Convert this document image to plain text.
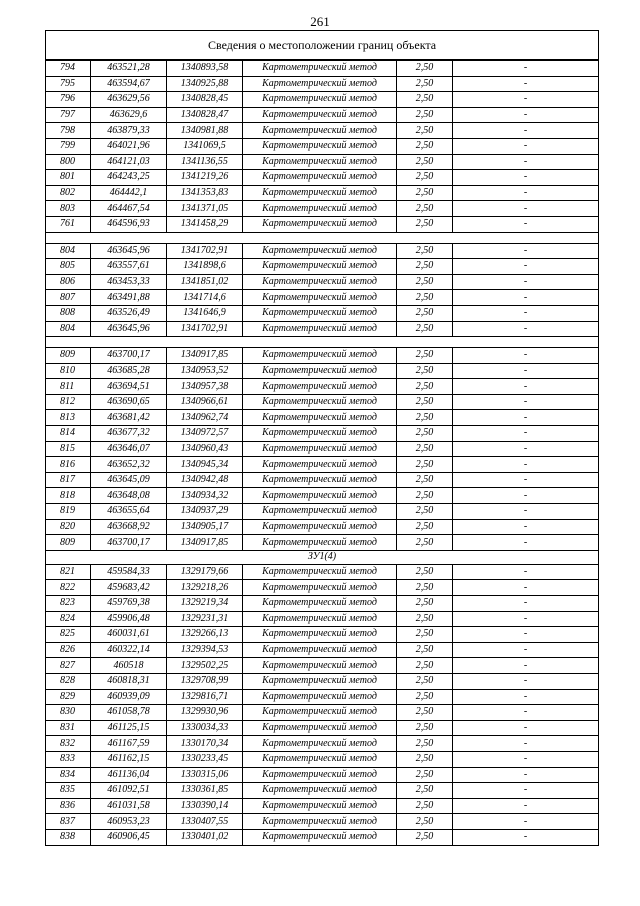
261
Сведения о местоположении границ объекта					
794	463521,28	1340893,58	Картометрический метод	2,50	-
795	463594,67	1340925,88	Картометрический метод	2,50	-
796	463629,56	1340828,45	Картометрический метод	2,50	-
797	463629,6	1340828,47	Картометрический метод	2,50	-
798	463879,33	1340981,88	Картометрический метод	2,50	-
799	464021,96	1341069,5	Картометрический метод	2,50	-
800	464121,03	1341136,55	Картометрический метод	2,50	-
801	464243,25	1341219,26	Картометрический метод	2,50	-
802	464442,1	1341353,83	Картометрический метод	2,50	-
803	464467,54	1341371,05	Картометрический метод	2,50	-
761	464596,93	1341458,29	Картометрический метод	2,50	-

804	463645,96	1341702,91	Картометрический метод	2,50	-
805	463557,61	1341898,6	Картометрический метод	2,50	-
806	463453,33	1341851,02	Картометрический метод	2,50	-
807	463491,88	1341714,6	Картометрический метод	2,50	-
808	463526,49	1341646,9	Картометрический метод	2,50	-
804	463645,96	1341702,91	Картометрический метод	2,50	-

809	463700,17	1340917,85	Картометрический метод	2,50	-
810	463685,28	1340953,52	Картометрический метод	2,50	-
811	463694,51	1340957,38	Картометрический метод	2,50	-
812	463690,65	1340966,61	Картометрический метод	2,50	-
813	463681,42	1340962,74	Картометрический метод	2,50	-
814	463677,32	1340972,57	Картометрический метод	2,50	-
815	463646,07	1340960,43	Картометрический метод	2,50	-
816	463652,32	1340945,34	Картометрический метод	2,50	-
817	463645,09	1340942,48	Картометрический метод	2,50	-
818	463648,08	1340934,32	Картометрический метод	2,50	-
819	463655,64	1340937,29	Картометрический метод	2,50	-
820	463668,92	1340905,17	Картометрический метод	2,50	-
809	463700,17	1340917,85	Картометрический метод	2,50	-
ЗУ1(4)					
821	459584,33	1329179,66	Картометрический метод	2,50	-
822	459683,42	1329218,26	Картометрический метод	2,50	-
823	459769,38	1329219,34	Картометрический метод	2,50	-
824	459906,48	1329231,31	Картометрический метод	2,50	-
825	460031,61	1329266,13	Картометрический метод	2,50	-
826	460322,14	1329394,53	Картометрический метод	2,50	-
827	460518	1329502,25	Картометрический метод	2,50	-
828	460818,31	1329708,99	Картометрический метод	2,50	-
829	460939,09	1329816,71	Картометрический метод	2,50	-
830	461058,78	1329930,96	Картометрический метод	2,50	-
831	461125,15	1330034,33	Картометрический метод	2,50	-
832	461167,59	1330170,34	Картометрический метод	2,50	-
833	461162,15	1330233,45	Картометрический метод	2,50	-
834	461136,04	1330315,06	Картометрический метод	2,50	-
835	461092,51	1330361,85	Картометрический метод	2,50	-
836	461031,58	1330390,14	Картометрический метод	2,50	-
837	460953,23	1330407,55	Картометрический метод	2,50	-
838	460906,45	1330401,02	Картометрический метод	2,50	-
